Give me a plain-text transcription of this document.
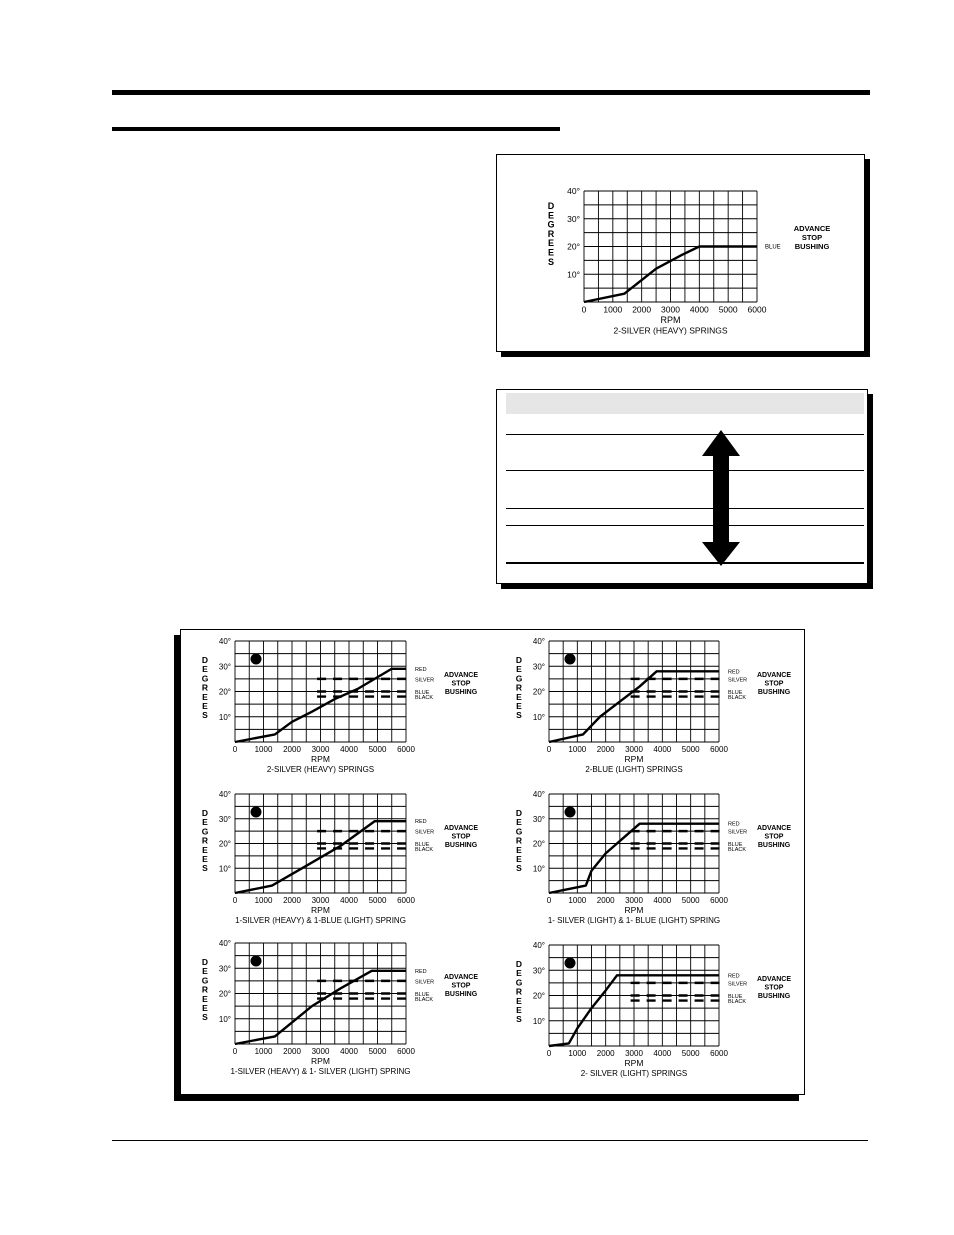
0 1000 2000 3000 4000 5000 6000
10°
20°
30°
40°
RPM
2-SILVER (HEAVY) SPRINGS
D
E
G
R
E
E
S
BLUE
ADVANCE
STOP
BUSHING
0 1000 2000 3000 4000 5000 6000
10°
20°
30°
40°
RPM
2-SILVER (HEAVY) SPRINGS
D
E
G
R
E
E
S
A
RED
SILVER
BLUE
BLACK
ADVANCE
STOP
BUSHING
0 1000 2000 3000 4000 5000 6000
10°
20°
30°
40°
RPM
2-BLUE (LIGHT) SPRINGS
D
E
G
R
E
E
S
D
RED
SILVER
BLUE
BLACK
ADVANCE
STOP
BUSHING
0 1000 2000 3000 4000 5000 6000
10°
20°
30°
40°
RPM
1-SILVER (HEAVY) & 1-BLUE (LIGHT) SPRING
D
E
G
R
E
E
S
B
RED
SILVER
BLUE
BLACK
ADVANCE
STOP
BUSHING
0 1000 2000 3000 4000 5000 6000
10°
20°
30°
40°
RPM
1- SILVER (LIGHT) & 1- BLUE (LIGHT) SPRING
D
E
G
R
E
E
S
E
RED
SILVER
BLUE
BLACK
ADVANCE
STOP
BUSHING
0 1000 2000 3000 4000 5000 6000
10°
20°
30°
40°
RPM
1-SILVER (HEAVY) & 1- SILVER (LIGHT) SPRING
D
E
G
R
E
E
S
C
RED
SILVER
BLUE
BLACK
ADVANCE
STOP
BUSHING
0 1000 2000 3000 4000 5000 6000
10°
20°
30°
40°
RPM
2- SILVER (LIGHT) SPRINGS
D
E
G
R
E
E
S
F
RED
SILVER
BLUE
BLACK
ADVANCE
STOP
BUSHING
